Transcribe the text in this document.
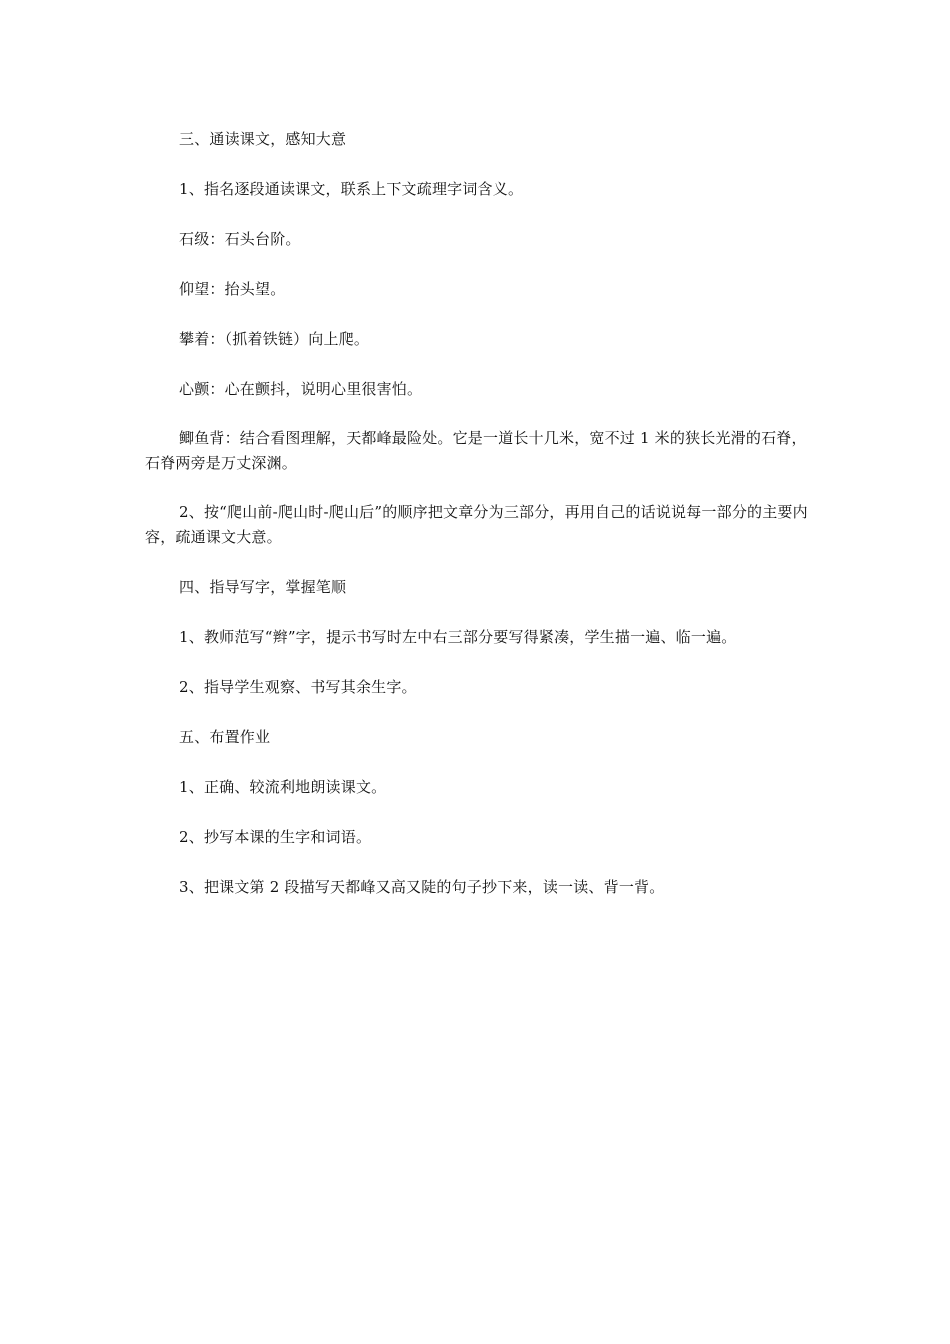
三、通读课文，感知大意

1、指名逐段通读课文，联系上下文疏理字词含义。

石级：石头台阶。

仰望：抬头望。

攀着：（抓着铁链）向上爬。

心颤：心在颤抖，说明心里很害怕。

鲫鱼背：结合看图理解，天都峰最险处。它是一道长十几米，宽不过 1 米的狭长光滑的石脊，石脊两旁是万丈深渊。

2、按“爬山前-爬山时-爬山后”的顺序把文章分为三部分，再用自己的话说说每一部分的主要内容，疏通课文大意。

四、指导写字，掌握笔顺

1、教师范写“辫”字，提示书写时左中右三部分要写得紧凑，学生描一遍、临一遍。

2、指导学生观察、书写其余生字。

五、布置作业

1、正确、较流利地朗读课文。

2、抄写本课的生字和词语。

3、把课文第 2 段描写天都峰又高又陡的句子抄下来，读一读、背一背。
